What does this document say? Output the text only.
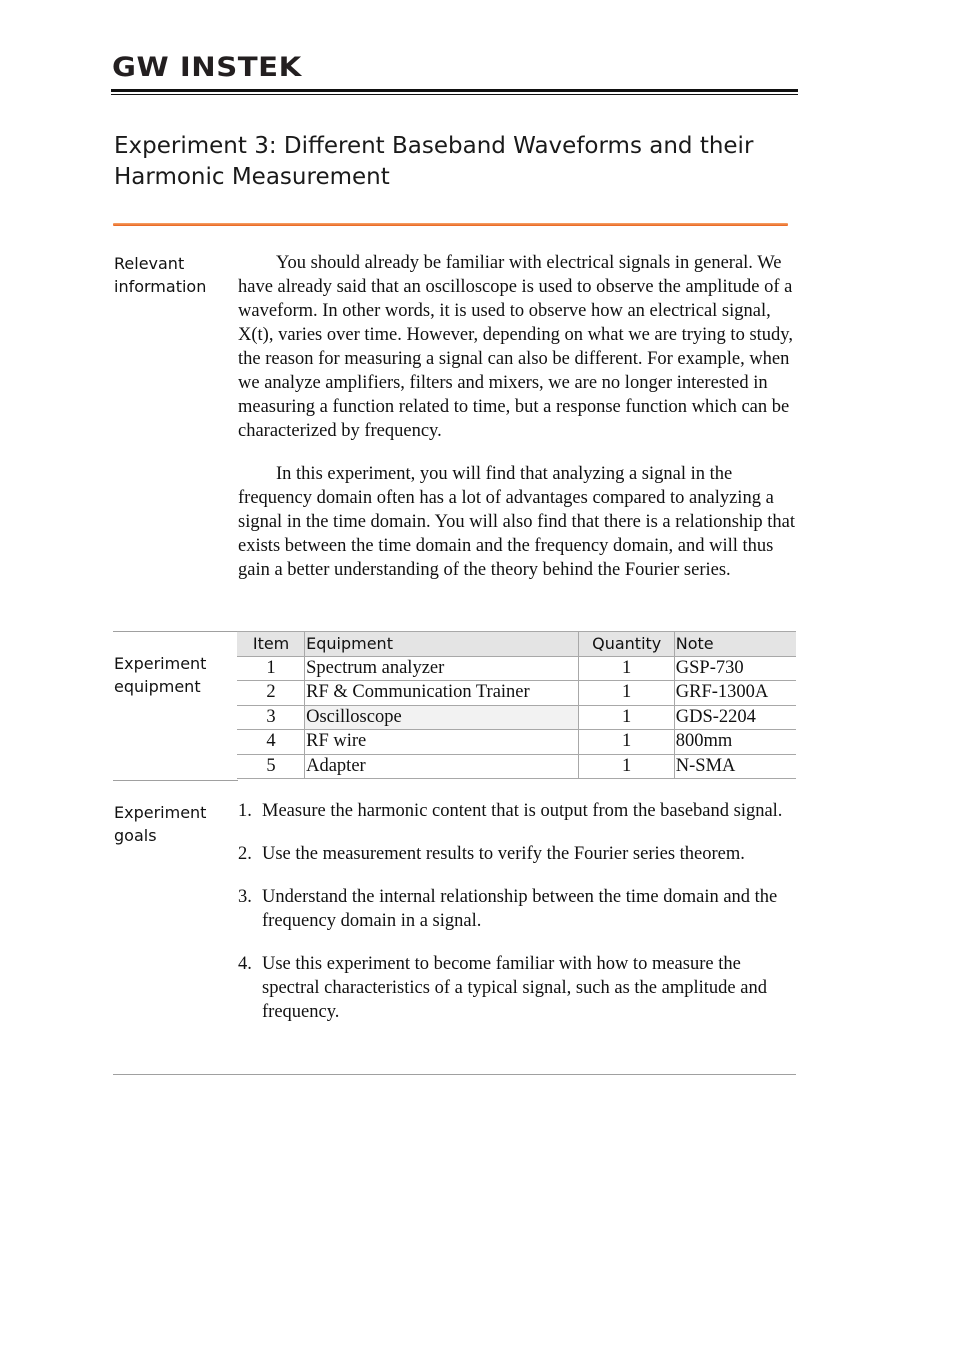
GW INSTEK
Experiment 3: Different Baseband Waveforms and their Harmonic Measurement
Relevant
information

You should already be familiar with electrical signals in general. We have already said that an oscilloscope is used to observe the amplitude of a waveform. In other words, it is used to observe how an electrical signal, X(t), varies over time. However, depending on what we are trying to study, the reason for measuring a signal can also be different. For example, when we analyze amplifiers, filters and mixers, we are no longer interested in measuring a function related to time, but a response function which can be characterized by frequency.

In this experiment, you will find that analyzing a signal in the frequency domain often has a lot of advantages compared to analyzing a signal in the time domain. You will also find that there is a relationship that exists between the time domain and the frequency domain, and will thus gain a better understanding of the theory behind the Fourier series.

Experiment
equipment
Item	Equipment	Quantity	Note
1	Spectrum analyzer	1	GSP-730
2	RF & Communication Trainer	1	GRF-1300A
3	Oscilloscope	1	GDS-2204
4	RF wire	1	800mm
5	Adapter	1	N-SMA
Experiment
goals
1. Measure the harmonic content that is output from the baseband signal.
2. Use the measurement results to verify the Fourier series theorem.
3. Understand the internal relationship between the time domain and the frequency domain in a signal.
4. Use this experiment to become familiar with how to measure the spectral characteristics of a typical signal, such as the amplitude and frequency.
